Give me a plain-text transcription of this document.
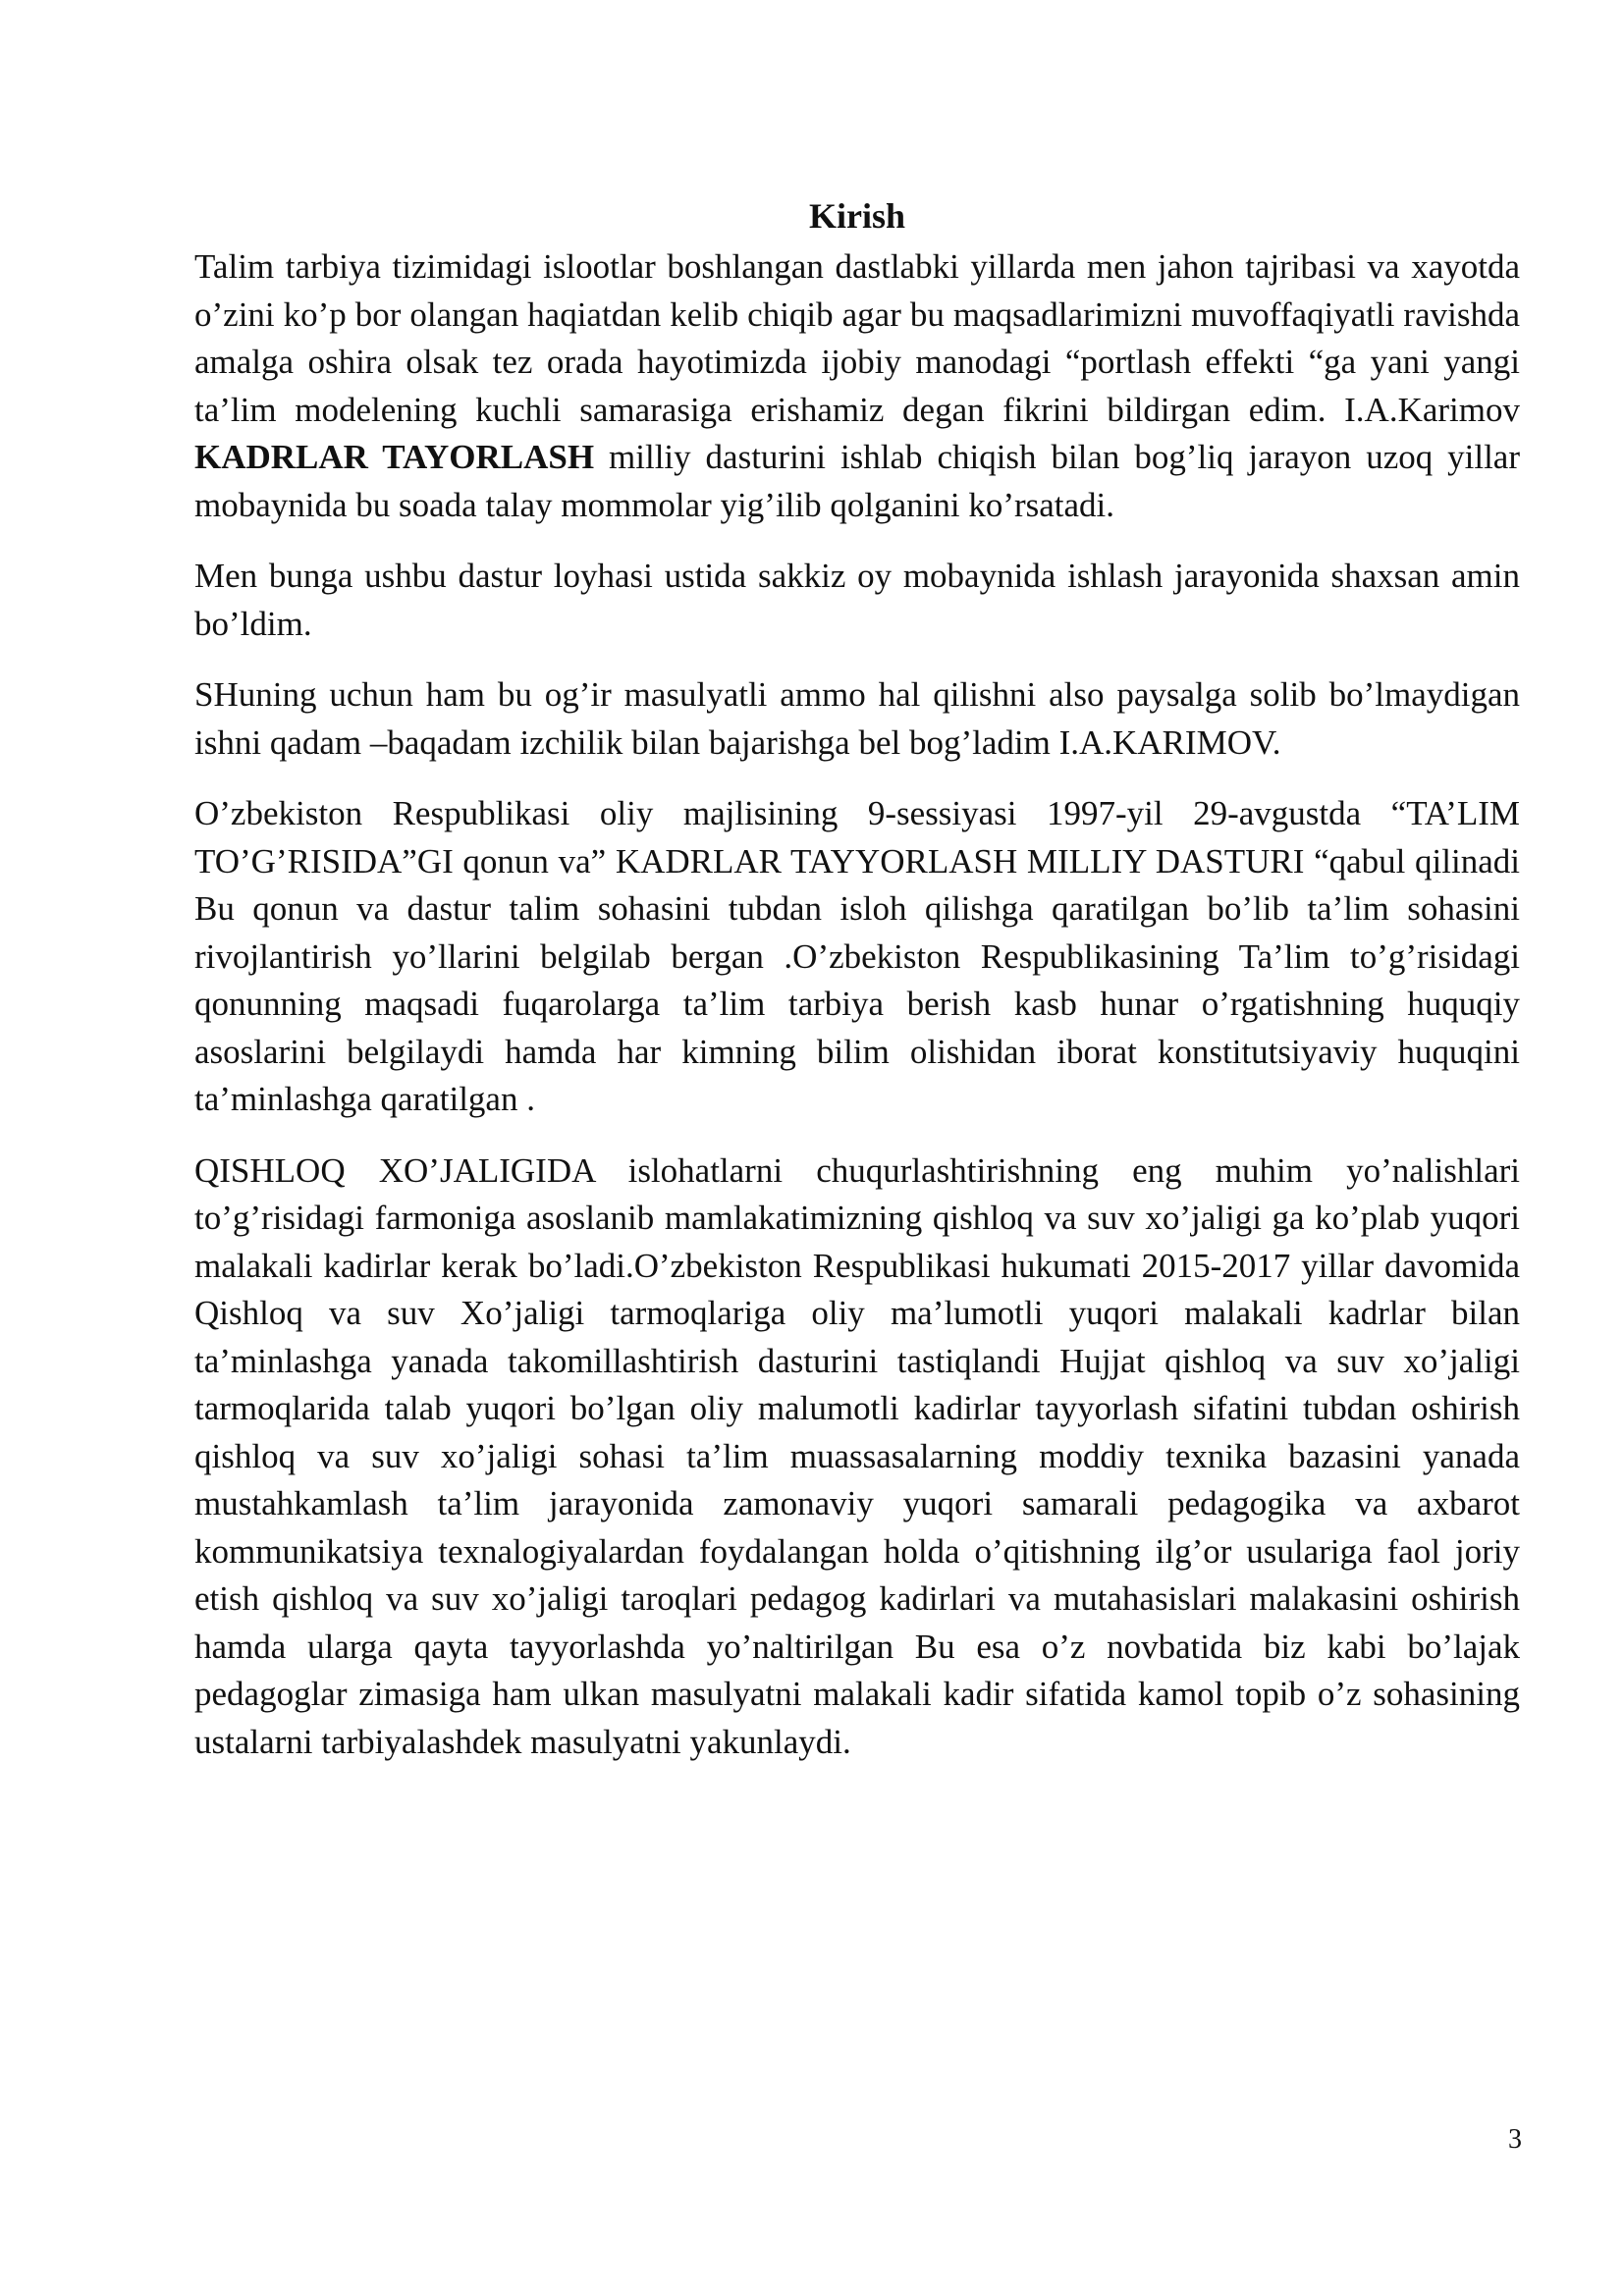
Kirish

Talim tarbiya tizimidagi islootlar boshlangan dastlabki yillarda men jahon tajribasi va xayotda o’zini ko’p bor olangan haqiatdan kelib chiqib agar bu maqsadlarimizni muvoffaqiyatli ravishda amalga oshira olsak tez orada hayotimizda ijobiy manodagi “portlash effekti “ga yani yangi ta’lim modelening kuchli samarasiga erishamiz degan fikrini bildirgan edim. I.A.Karimov KADRLAR TAYORLASH milliy dasturini ishlab chiqish bilan bog’liq jarayon uzoq yillar mobaynida bu soada talay mommolar yig’ilib qolganini ko’rsatadi.

Men bunga ushbu dastur loyhasi ustida sakkiz oy mobaynida ishlash jarayonida shaxsan amin bo’ldim.

SHuning uchun ham bu og’ir masulyatli ammo hal qilishni also paysalga solib bo’lmaydigan ishni qadam –baqadam izchilik bilan bajarishga bel bog’ladim I.A.KARIMOV.

O’zbekiston Respublikasi oliy majlisining 9-sessiyasi 1997-yil 29-avgustda “TA’LIM TO’G’RISIDA”GI qonun va” KADRLAR TAYYORLASH MILLIY DASTURI “qabul qilinadi Bu qonun va dastur talim sohasini tubdan isloh qilishga qaratilgan bo’lib ta’lim sohasini rivojlantirish yo’llarini belgilab bergan .O’zbekiston Respublikasining Ta’lim to’g’risidagi qonunning maqsadi fuqarolarga ta’lim tarbiya berish kasb hunar o’rgatishning huquqiy asoslarini belgilaydi hamda har kimning bilim olishidan iborat konstitutsiyaviy huquqini ta’minlashga qaratilgan .

QISHLOQ XO’JALIGIDA islohatlarni chuqurlashtirishning eng muhim yo’nalishlari to’g’risidagi farmoniga asoslanib mamlakatimizning qishloq va suv xo’jaligi ga ko’plab yuqori malakali kadirlar kerak bo’ladi.O’zbekiston Respublikasi hukumati 2015-2017 yillar davomida Qishloq va suv Xo’jaligi tarmoqlariga oliy ma’lumotli yuqori malakali kadrlar bilan ta’minlashga yanada takomillashtirish dasturini tastiqlandi Hujjat qishloq va suv xo’jaligi tarmoqlarida talab yuqori bo’lgan oliy malumotli kadirlar tayyorlash sifatini tubdan oshirish qishloq va suv xo’jaligi sohasi ta’lim muassasalarning moddiy texnika bazasini yanada mustahkamlash ta’lim jarayonida zamonaviy yuqori samarali pedagogika va axbarot kommunikatsiya texnalogiyalardan foydalangan holda o’qitishning ilg’or usulariga faol joriy etish qishloq va suv xo’jaligi taroqlari pedagog kadirlari va mutahasislari malakasini oshirish hamda ularga qayta tayyorlashda yo’naltirilgan Bu esa o’z novbatida biz kabi bo’lajak pedagoglar zimasiga ham ulkan masulyatni malakali kadir sifatida kamol topib o’z sohasining ustalarni tarbiyalashdek masulyatni yakunlaydi.

3
